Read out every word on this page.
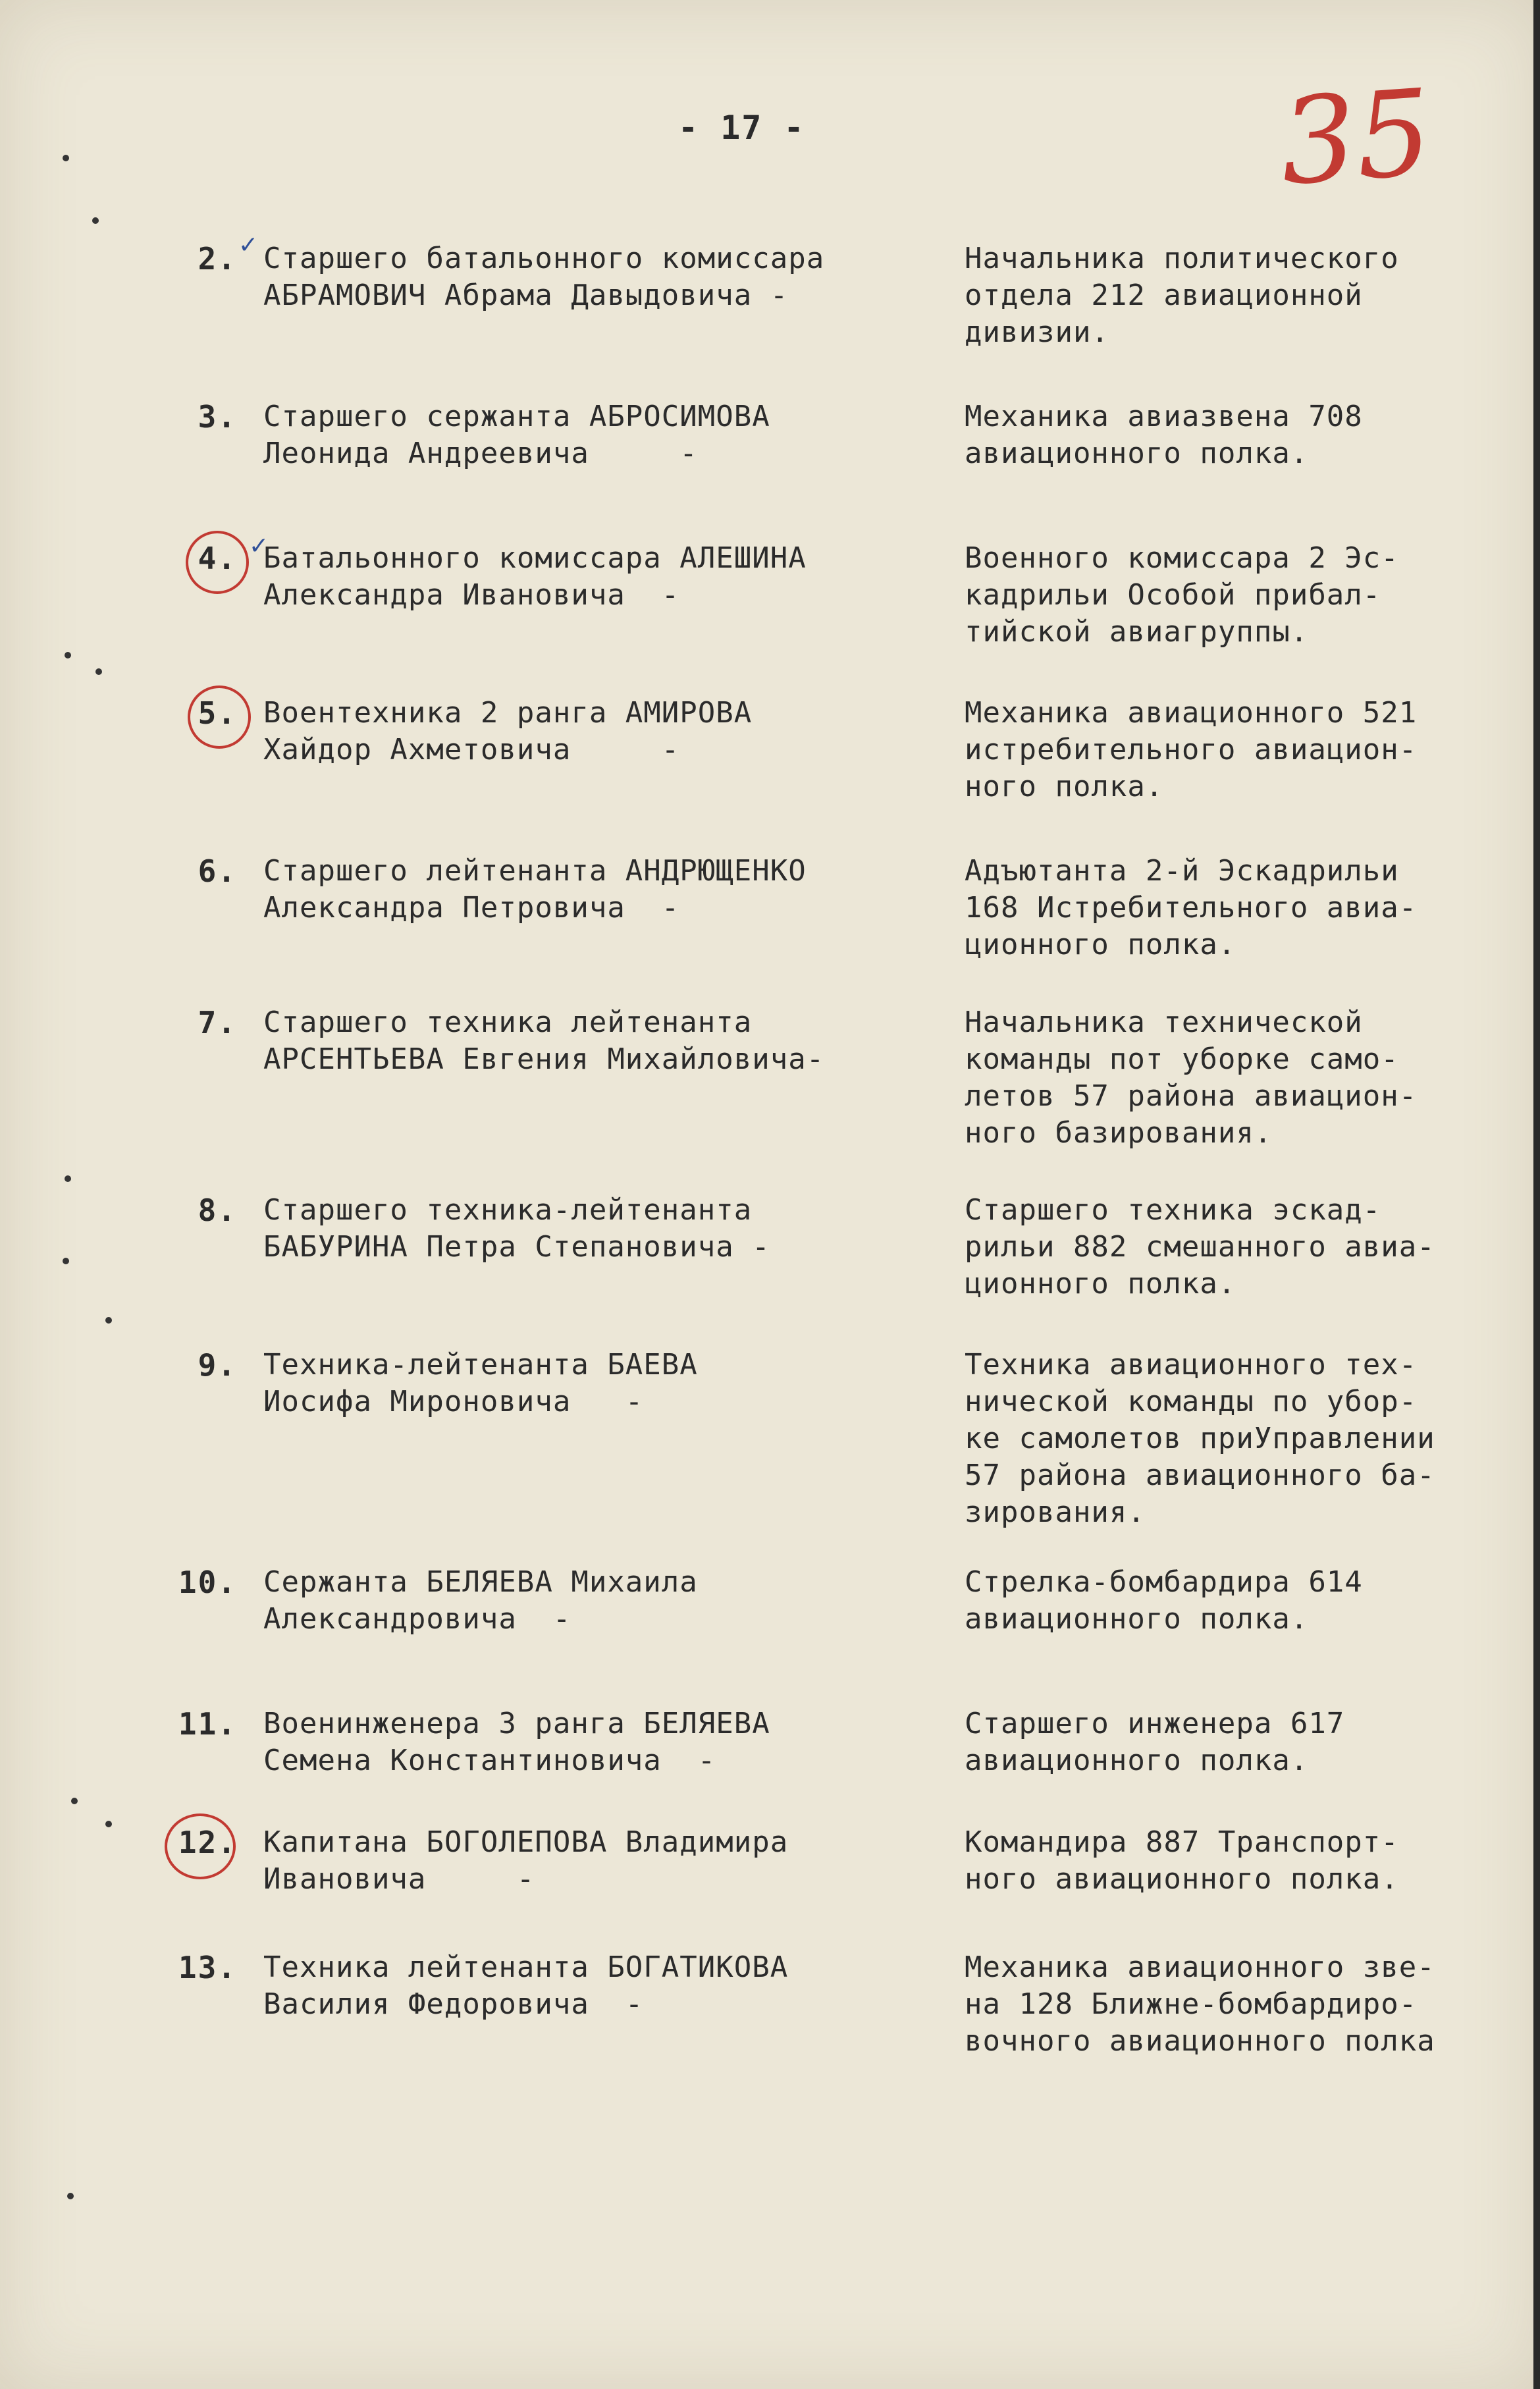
- 17 -	35
2. Старшего батальонного комиссара
АБРАМОВИЧ Абрама Давыдовича -
Начальника политического
отдела 212 авиационной
дивизии.
✓
3. Старшего сержанта АБРОСИМОВА
Леонида Андреевича     -
Механика авиазвена 708
авиационного полка.
4. Батальонного комиссара АЛЕШИНА
Александра Ивановича  -
Военного комиссара 2 Эс-
кадрильи Особой прибал-
тийской авиагруппы.
✓
5. Воентехника 2 ранга АМИРОВА
Хайдор Ахметовича     -
Механика авиационного 521
истребительного авиацион-
ного полка.
6. Старшего лейтенанта АНДРЮЩЕНКО
Александра Петровича  -
Адъютанта 2-й Эскадрильи
168 Истребительного авиа-
ционного полка.
7. Старшего техника лейтенанта
АРСЕНТЬЕВА Евгения Михайловича-
Начальника технической
команды пот уборке само-
летов 57 района авиацион-
ного базирования.
8. Старшего техника-лейтенанта
БАБУРИНА Петра Степановича -
Старшего техника эскад-
рильи 882 смешанного авиа-
ционного полка.
9. Техника-лейтенанта БАЕВА
Иосифа Мироновича   -
Техника авиационного тех-
нической команды по убор-
ке самолетов приУправлении
57 района авиационного ба-
зирования.
10. Сержанта БЕЛЯЕВА Михаила
Александровича  -
Стрелка-бомбардира 614
авиационного полка.
11. Военинженера 3 ранга БЕЛЯЕВА
Семена Константиновича  -
Старшего инженера 617
авиационного полка.
12. Капитана БОГОЛЕПОВА Владимира
Ивановича     -
Командира 887 Транспорт-
ного авиационного полка.
13. Техника лейтенанта БОГАТИКОВА
Василия Федоровича  -
Механика авиационного зве-
на 128 Ближне-бомбардиро-
вочного авиационного полка
